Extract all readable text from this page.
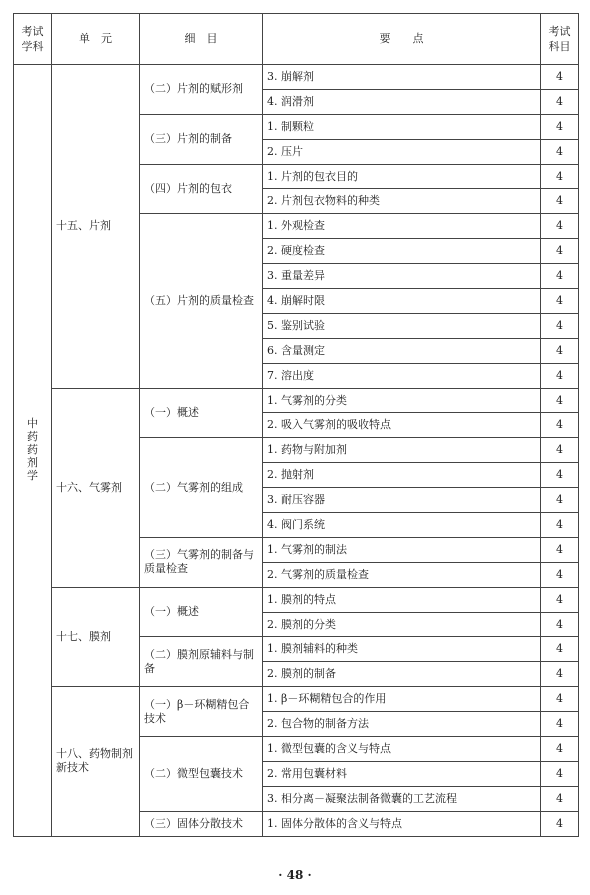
考试学科	单　元	细　目	要　　点	考试科目
中药药剂学	十五、片剂	（二）片剂的赋形剂	3. 崩解剂	4
			4. 润滑剂	4
		（三）片剂的制备	1. 制颗粒	4
			2. 压片	4
		（四）片剂的包衣	1. 片剂的包衣目的	4
			2. 片剂包衣物料的种类	4
		（五）片剂的质量检查	1. 外观检查	4
			2. 硬度检查	4
			3. 重量差异	4
			4. 崩解时限	4
			5. 鉴别试验	4
			6. 含量测定	4
			7. 溶出度	4
	十六、气雾剂	（一）概述	1. 气雾剂的分类	4
			2. 吸入气雾剂的吸收特点	4
		（二）气雾剂的组成	1. 药物与附加剂	4
			2. 抛射剂	4
			3. 耐压容器	4
			4. 阀门系统	4
		（三）气雾剂的制备与质量检查	1. 气雾剂的制法	4
			2. 气雾剂的质量检查	4
	十七、膜剂	（一）概述	1. 膜剂的特点	4
			2. 膜剂的分类	4
		（二）膜剂原辅料与制备	1. 膜剂辅料的种类	4
			2. 膜剂的制备	4
	十八、药物制剂新技术	（一）β－环糊精包合技术	1. β－环糊精包合的作用	4
			2. 包合物的制备方法	4
		（二）微型包囊技术	1. 微型包囊的含义与特点	4
			2. 常用包囊材料	4
			3. 相分离－凝聚法制备微囊的工艺流程	4
		（三）固体分散技术	1. 固体分散体的含义与特点	4
· 48 ·
